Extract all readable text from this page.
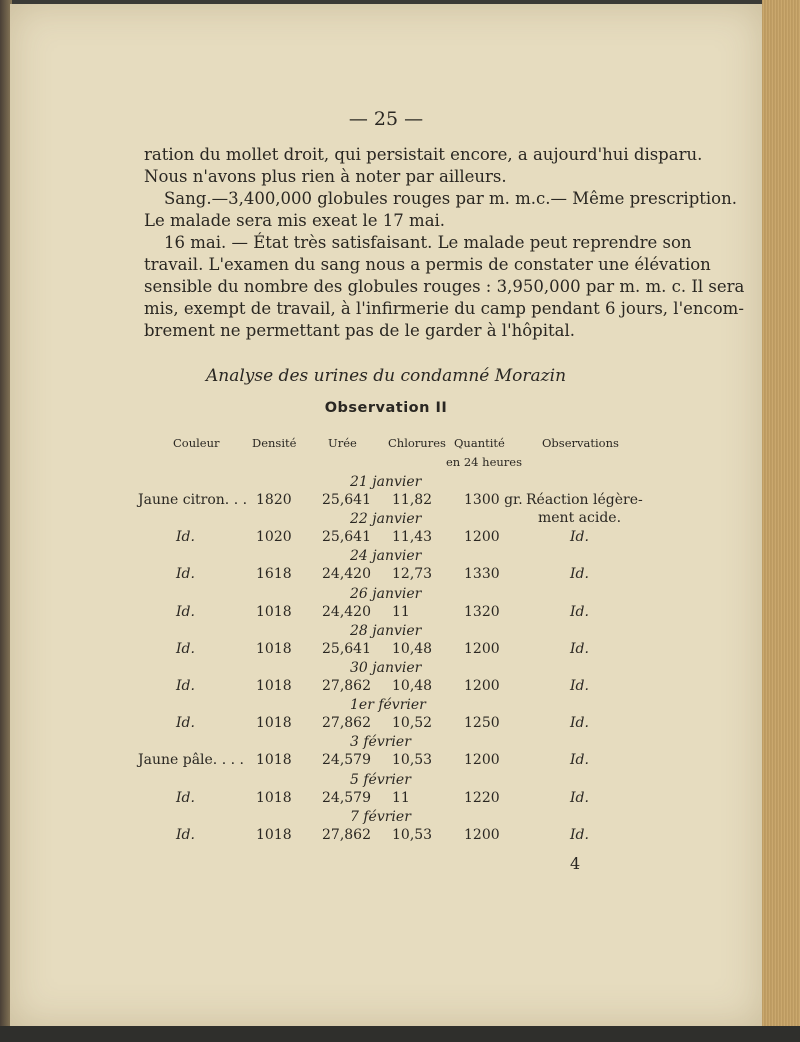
— 25 —
ration du mollet droit, qui persistait encore, a aujourd'hui disparu.
Nous n'avons plus rien à noter par ailleurs.
Sang.—3,400,000 globules rouges par m. m.c.— Même prescription.
Le malade sera mis exeat le 17 mai.
16 mai. — État très satisfaisant. Le malade peut reprendre son
travail. L'examen du sang nous a permis de constater une élévation
sensible du nombre des globules rouges : 3,950,000 par m. m. c. Il sera
mis, exempt de travail, à l'infirmerie du camp pendant 6 jours, l'encom-
brement ne permettant pas de le garder à l'hôpital.
Analyse des urines du condamné Morazin
Observation II
Couleur	Densité	Urée	Chlorures Quantité
en 24 heures
Observations
21 janvier
Jaune citron. . . 1820 25,641 11,82 1300 gr. Réaction légère-
ment acide.
22 janvier
Id.	1020 25,641 11,43 1200	Id.
24 janvier
Id.	1618 24,420 12,73 1330	Id.
26 janvier
Id.	1018 24,420 11	1320	Id.
28 janvier
Id.	1018 25,641 10,48 1200	Id.
30 janvier
Id.	1018 27,862 10,48 1200	Id.
1er février
Id.	1018 27,862 10,52 1250	Id.
3 février
Jaune pâle. . . . 1018 24,579 10,53 1200	Id.
5 février
Id.	1018 24,579 11	1220	Id.
7 février
Id.	1018 27,862 10,53 1200	Id.
4
